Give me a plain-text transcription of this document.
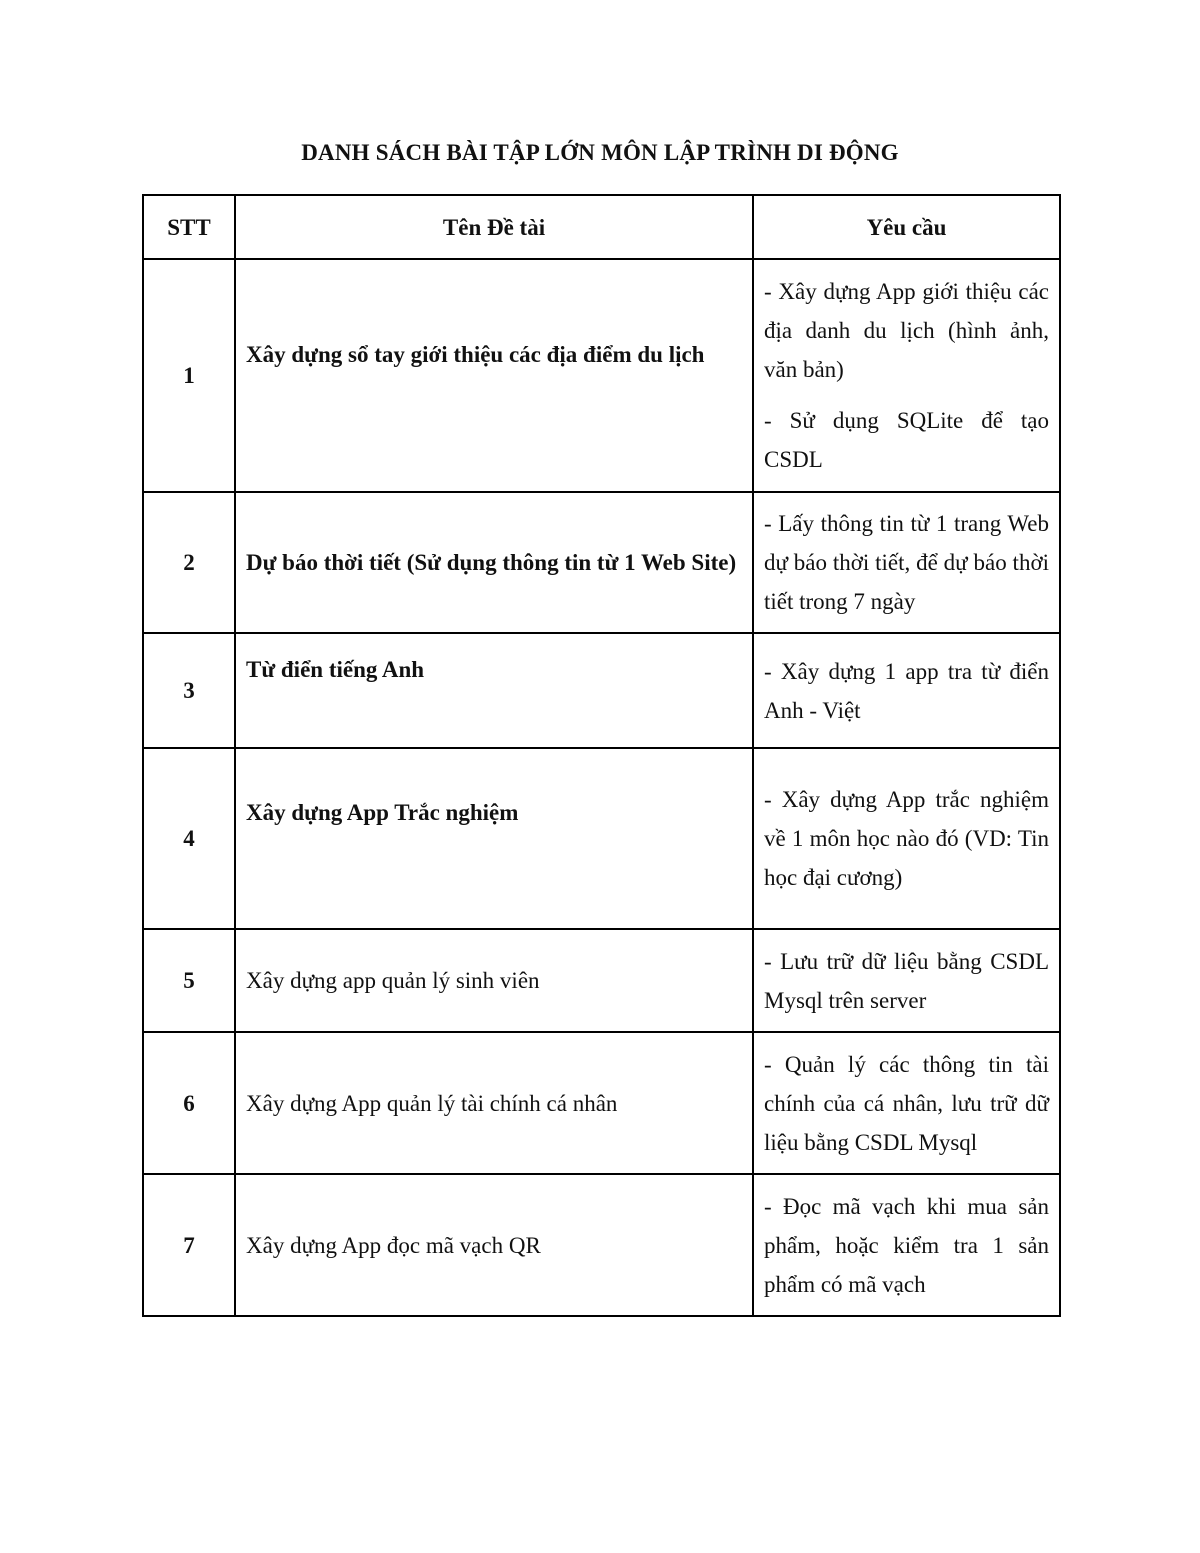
DANH SÁCH BÀI TẬP LỚN MÔN LẬP TRÌNH DI ĐỘNG
STT	Tên Đề tài	Yêu cầu
1	Xây dựng sổ tay giới thiệu các địa điểm du lịch	- Xây dựng App giới thiệu các địa danh du lịch (hình ảnh, văn bản)

- Sử dụng SQLite để tạo CSDL

2	Dự báo thời tiết (Sử dụng thông tin từ 1 Web Site)	- Lấy thông tin từ 1 trang Web dự báo thời tiết, để dự báo thời tiết trong 7 ngày

3	Từ điển tiếng Anh	- Xây dựng 1 app tra từ điển Anh - Việt

4	Xây dựng App Trắc nghiệm	- Xây dựng App trắc nghiệm về 1 môn học nào đó (VD: Tin học đại cương)

5	Xây dựng app quản lý sinh viên	- Lưu trữ dữ liệu bằng CSDL Mysql trên server

6	Xây dựng App quản lý tài chính cá nhân	- Quản lý các thông tin tài chính của cá nhân, lưu trữ dữ liệu bằng CSDL Mysql

7	Xây dựng App đọc mã vạch QR	- Đọc mã vạch khi mua sản phẩm, hoặc kiểm tra 1 sản phẩm có mã vạch
